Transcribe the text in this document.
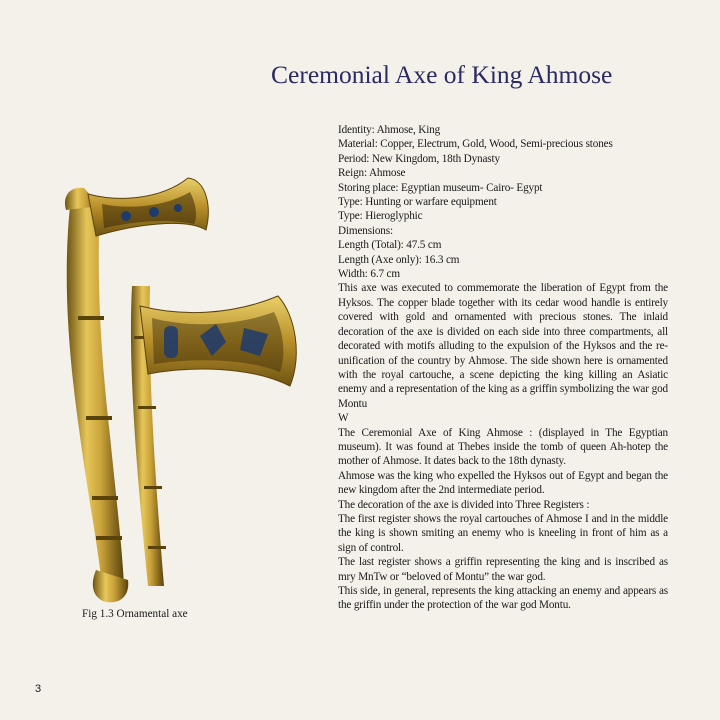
Ceremonial Axe of King Ahmose
Identity: Ahmose, King
Material: Copper, Electrum, Gold, Wood, Semi-precious stones
Period: New Kingdom, 18th Dynasty
Reign: Ahmose
Storing place: Egyptian museum- Cairo- Egypt
Type: Hunting or warfare equipment
Type: Hieroglyphic
Dimensions:
Length (Total): 47.5 cm
Length (Axe only): 16.3 cm
Width: 6.7 cm
This axe was executed to commemorate the liberation of Egypt from the Hyksos. The copper blade together with its cedar wood handle is entirely covered with gold and ornamented with precious stones. The inlaid decoration of the axe is divided on each side into three compartments, all decorated with motifs alluding to the expulsion of the Hyksos and the re-unification of the country by Ahmose. The side shown here is ornamented with the royal cartouche, a scene depicting the king killing an Asiatic enemy and a representation of the king as a griffin symbolizing the war god Montu
W
The Ceremonial Axe of King Ahmose : (displayed in The Egyptian museum). It was found at Thebes inside the tomb of queen Ah-hotep the mother of Ahmose. It dates back to the 18th dynasty.
Ahmose was the king who expelled the Hyksos out of Egypt and began the new kingdom after the 2nd intermediate period.
The decoration of the axe is divided into Three Registers :
The first register shows the royal cartouches of Ahmose I and in the middle the king is shown smiting an enemy who is kneeling in front of him as a sign of control.
The last register shows a griffin representing the king and is inscribed as mry MnTw or “beloved of Montu” the war god.
This side, in general, represents the king attacking an enemy and appears as the griffin under the protection of the war god Montu.
Fig 1.3 Ornamental axe
3
